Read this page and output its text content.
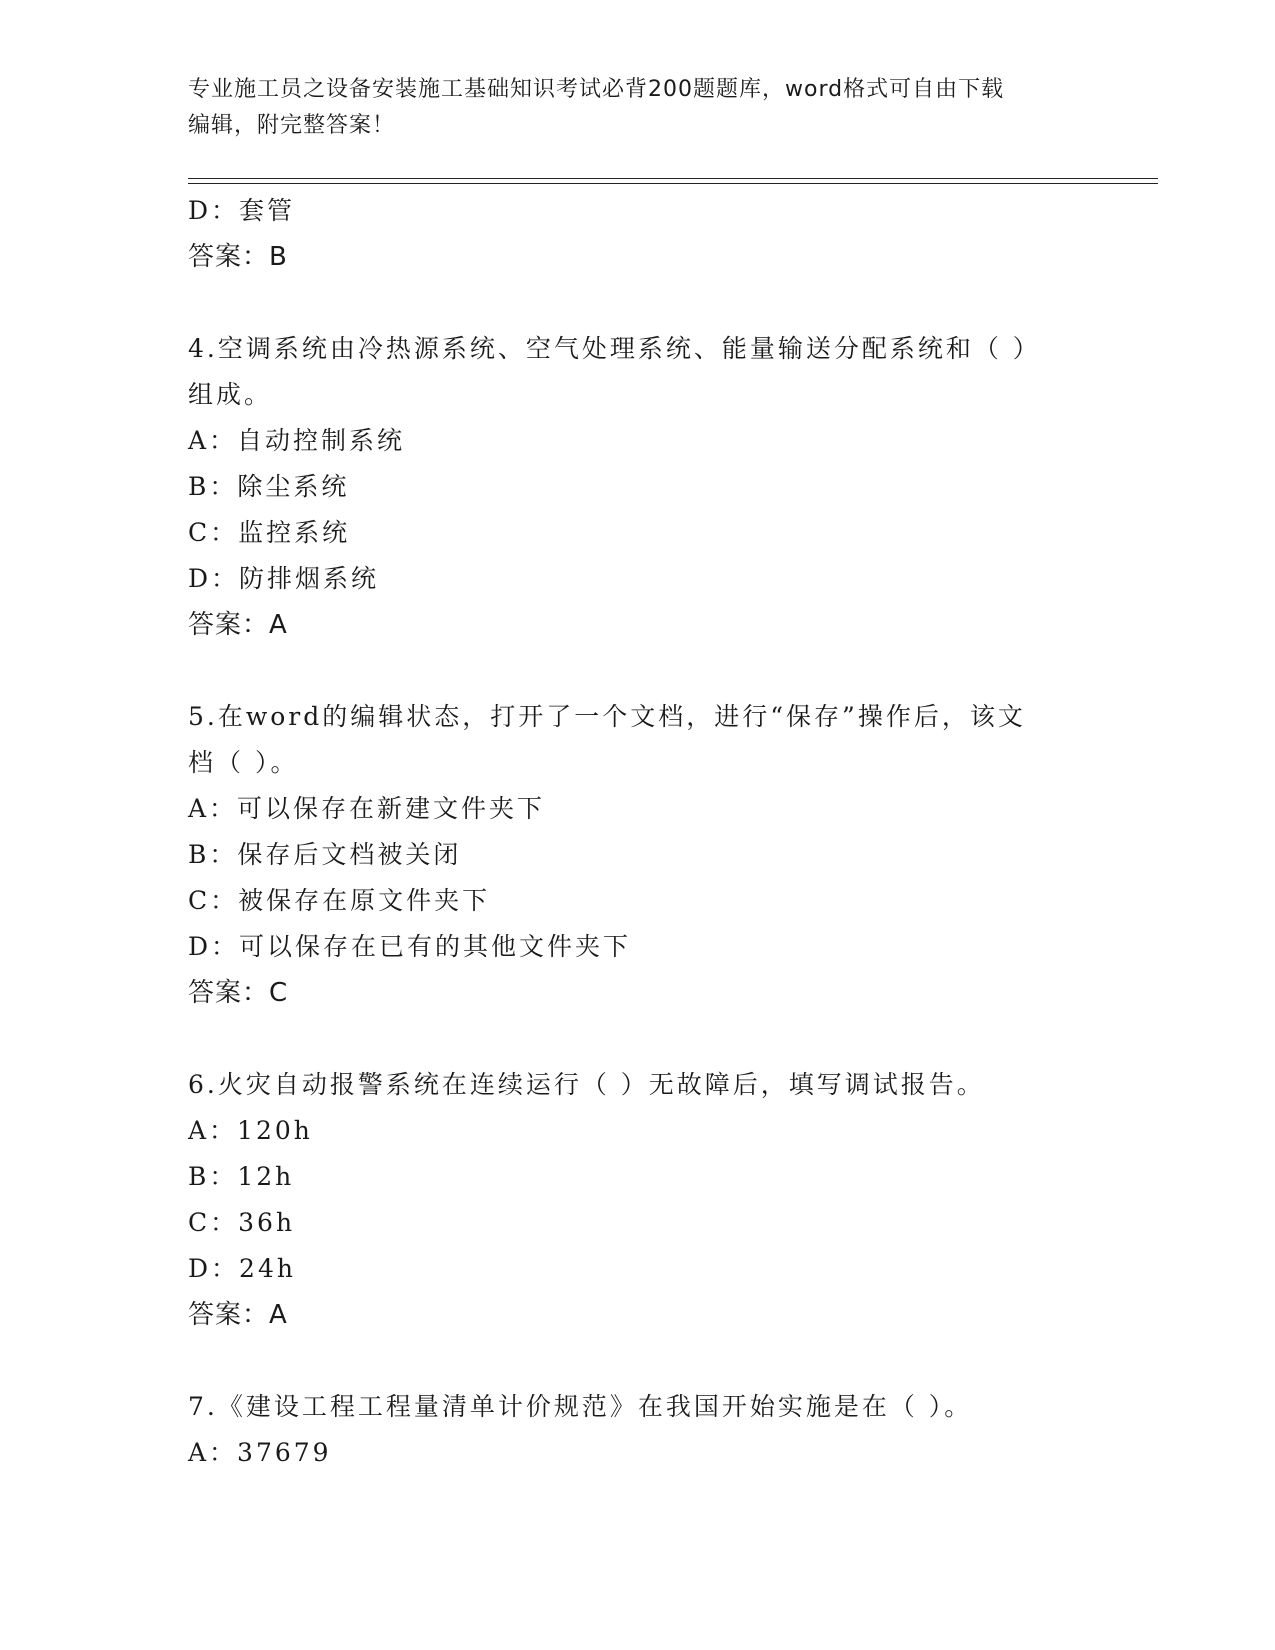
专业施工员之设备安装施工基础知识考试必背200题题库，word格式可自由下载
编辑，附完整答案！
D：套管
答案：B
4.空调系统由冷热源系统、空气处理系统、能量输送分配系统和（ ）
组成。
A：自动控制系统
B：除尘系统
C：监控系统
D：防排烟系统
答案：A
5.在word的编辑状态，打开了一个文档，进行“保存”操作后，该文
档（ ）。
A：可以保存在新建文件夹下
B：保存后文档被关闭
C：被保存在原文件夹下
D：可以保存在已有的其他文件夹下
答案：C
6.火灾自动报警系统在连续运行（ ）无故障后，填写调试报告。
A：120h
B：12h
C：36h
D：24h
答案：A
7.《建设工程工程量清单计价规范》在我国开始实施是在（ ）。
A：37679
